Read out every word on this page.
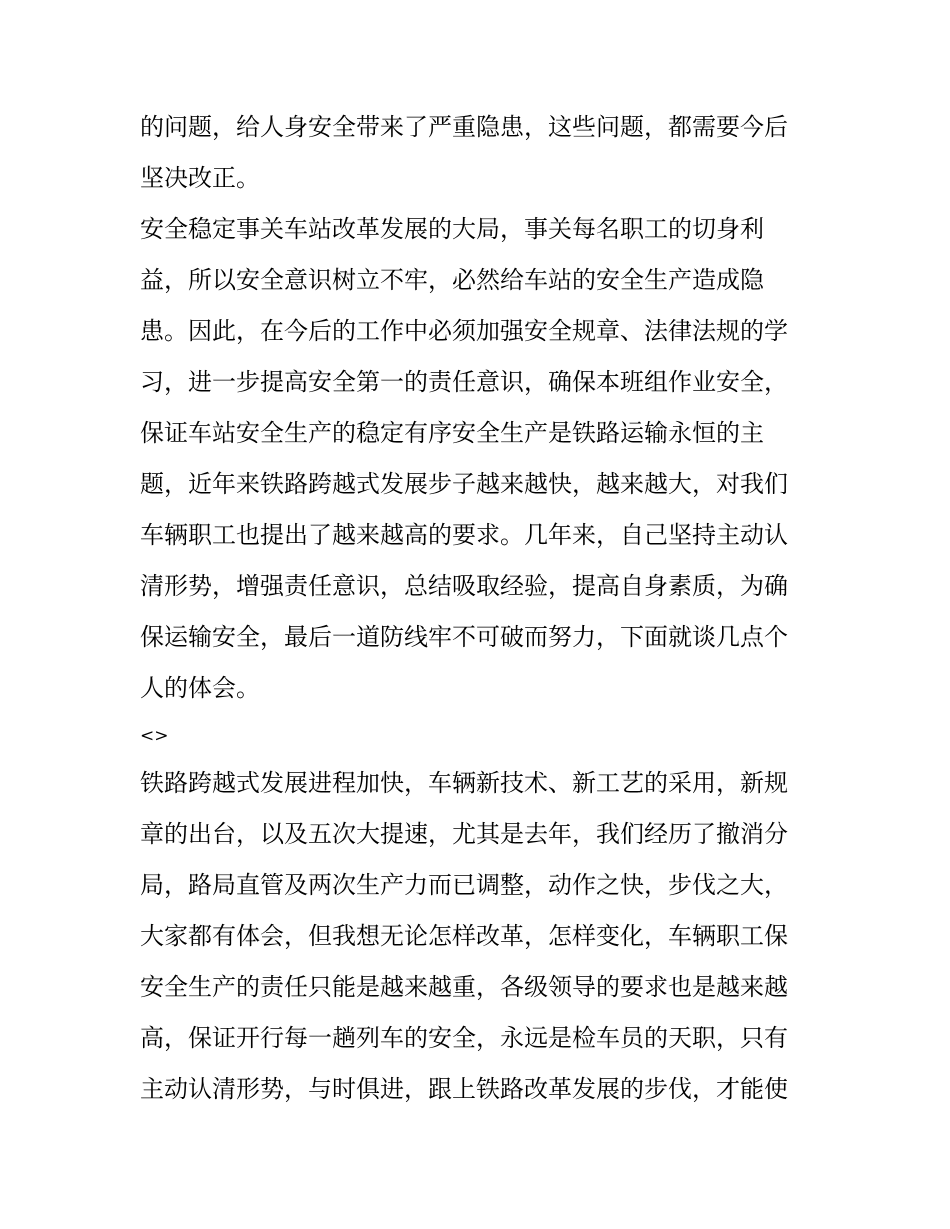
的问题，给人身安全带来了严重隐患，这些问题，都需要今后
坚决改正。
安全稳定事关车站改革发展的大局，事关每名职工的切身利
益，所以安全意识树立不牢，必然给车站的安全生产造成隐
患。因此，在今后的工作中必须加强安全规章、法律法规的学
习，进一步提高安全第一的责任意识，确保本班组作业安全，
保证车站安全生产的稳定有序安全生产是铁路运输永恒的主
题，近年来铁路跨越式发展步子越来越快，越来越大，对我们
车辆职工也提出了越来越高的要求。几年来，自己坚持主动认
清形势，增强责任意识，总结吸取经验，提高自身素质，为确
保运输安全，最后一道防线牢不可破而努力，下面就谈几点个
人的体会。
<>
铁路跨越式发展进程加快，车辆新技术、新工艺的采用，新规
章的出台，以及五次大提速，尤其是去年，我们经历了撤消分
局，路局直管及两次生产力而已调整，动作之快，步伐之大，
大家都有体会，但我想无论怎样改革，怎样变化，车辆职工保
安全生产的责任只能是越来越重，各级领导的要求也是越来越
高，保证开行每一趟列车的安全，永远是检车员的天职，只有
主动认清形势，与时俱进，跟上铁路改革发展的步伐，才能使
